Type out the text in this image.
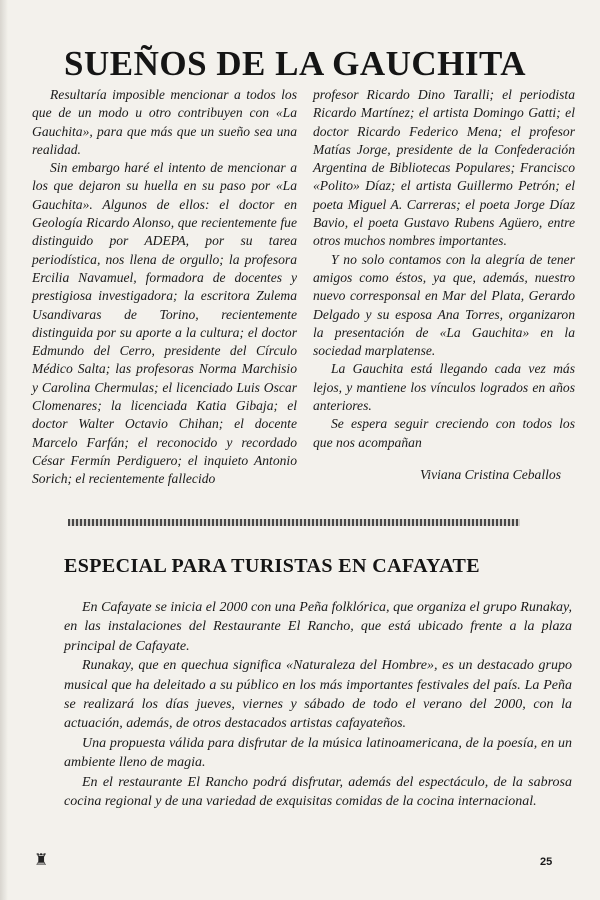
SUEÑOS DE LA GAUCHITA

Resultaría imposible mencionar a todos los que de un modo u otro contribuyen con «La Gauchita», para que más que un sueño sea una realidad.

Sin embargo haré el intento de mencionar a los que dejaron su huella en su paso por «La Gauchita». Algunos de ellos: el doctor en Geología Ricardo Alonso, que recientemente fue distinguido por ADEPA, por su tarea periodística, nos llena de orgullo; la profesora Ercilia Navamuel, formadora de docentes y prestigiosa investigadora; la escritora Zulema Usandivaras de Torino, recientemente distinguida por su aporte a la cultura; el doctor Edmundo del Cerro, presidente del Círculo Médico Salta; las profesoras Norma Marchisio y Carolina Chermulas; el licenciado Luis Oscar Clomenares; la licenciada Katia Gibaja; el doctor Walter Octavio Chihan; el docente Marcelo Farfán; el reconocido y recordado César Fermín Perdiguero; el inquieto Antonio Sorich; el recientemente fallecido

profesor Ricardo Dino Taralli; el periodista Ricardo Martínez; el artista Domingo Gatti; el doctor Ricardo Federico Mena; el profesor Matías Jorge, presidente de la Confederación Argentina de Bibliotecas Populares; Francisco «Polito» Díaz; el artista Guillermo Petrón; el poeta Miguel A. Carreras; el poeta Jorge Díaz Bavio, el poeta Gustavo Rubens Agüero, entre otros muchos nombres importantes.

Y no solo contamos con la alegría de tener amigos como éstos, ya que, además, nuestro nuevo corresponsal en Mar del Plata, Gerardo Delgado y su esposa Ana Torres, organizaron la presentación de «La Gauchita» en la sociedad marplatense.

La Gauchita está llegando cada vez más lejos, y mantiene los vínculos logrados en años anteriores.

Se espera seguir creciendo con todos los que nos acompañan

Viviana Cristina Ceballos

ESPECIAL PARA TURISTAS EN CAFAYATE

En Cafayate se inicia el 2000 con una Peña folklórica, que organiza el grupo Runakay, en las instalaciones del Restaurante El Rancho, que está ubicado frente a la plaza principal de Cafayate.

Runakay, que en quechua significa «Naturaleza del Hombre», es un destacado grupo musical que ha deleitado a su público en los más importantes festivales del país. La Peña se realizará los días jueves, viernes y sábado de todo el verano del 2000, con la actuación, además, de otros destacados artistas cafayateños.

Una propuesta válida para disfrutar de la música latinoamericana, de la poesía, en un ambiente lleno de magia.

En el restaurante El Rancho podrá disfrutar, además del espectáculo, de la sabrosa cocina regional y de una variedad de exquisitas comidas de la cocina internacional.

♜	25
